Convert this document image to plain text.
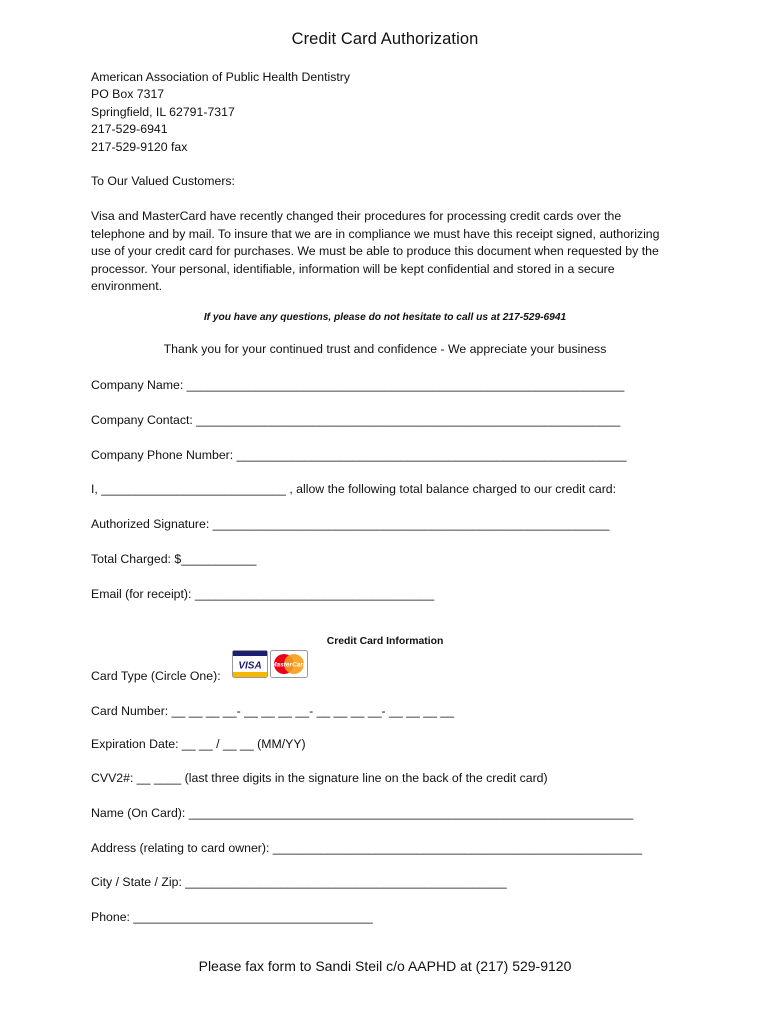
Credit Card Authorization
American Association of Public Health Dentistry
PO Box 7317
Springfield, IL 62791-7317
217-529-6941
217-529-9120 fax
To Our Valued Customers:
Visa and MasterCard have recently changed their procedures for processing credit cards over the telephone and by mail. To insure that we are in compliance we must have this receipt signed, authorizing use of your credit card for purchases. We must be able to produce this document when requested by the processor. Your personal, identifiable, information will be kept confidential and stored in a secure environment.
If you have any questions, please do not hesitate to call us at 217-529-6941
Thank you for your continued trust and confidence - We appreciate your business
Company Name: ________________________________________________________________
Company Contact: ______________________________________________________________
Company Phone Number: _________________________________________________________
I, ___________________________ , allow the following total balance charged to our credit card:
Authorized Signature: __________________________________________________________
Total Charged: $___________
Email (for receipt): ___________________________________
Credit Card Information
Card Type (Circle One):
VISA MasterCard
Card Number: __ __ __ __- __ __ __ __- __ __ __ __- __ __ __ __
Expiration Date: __ __ / __ __ (MM/YY)
CVV2#: __ ____ (last three digits in the signature line on the back of the credit card)
Name (On Card): _________________________________________________________________
Address (relating to card owner): ______________________________________________________
City / State / Zip: _______________________________________________
Phone: ___________________________________
Please fax form to Sandi Steil c/o AAPHD at (217) 529-9120
